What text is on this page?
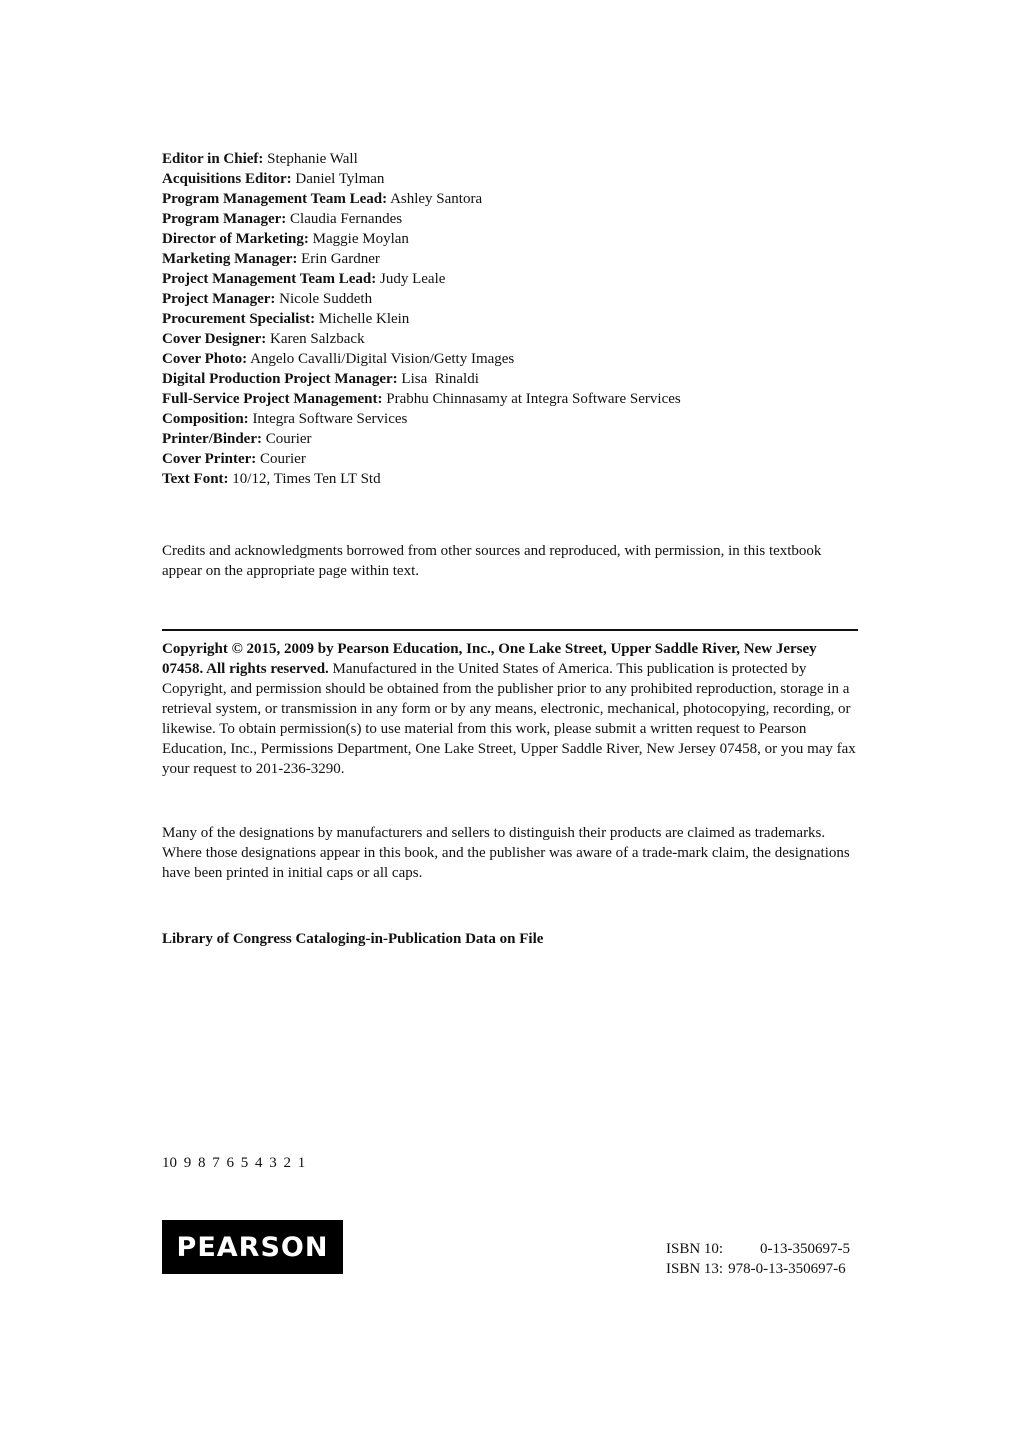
Editor in Chief: Stephanie Wall
Acquisitions Editor: Daniel Tylman
Program Management Team Lead: Ashley Santora
Program Manager: Claudia Fernandes
Director of Marketing: Maggie Moylan
Marketing Manager: Erin Gardner
Project Management Team Lead: Judy Leale
Project Manager: Nicole Suddeth
Procurement Specialist: Michelle Klein
Cover Designer: Karen Salzback
Cover Photo: Angelo Cavalli/Digital Vision/Getty Images
Digital Production Project Manager: Lisa  Rinaldi
Full-Service Project Management: Prabhu Chinnasamy at Integra Software Services
Composition: Integra Software Services
Printer/Binder: Courier
Cover Printer: Courier
Text Font: 10/12, Times Ten LT Std

Credits and acknowledgments borrowed from other sources and reproduced, with permission, in this textbook appear on the appropriate page within text.

Copyright © 2015, 2009 by Pearson Education, Inc., One Lake Street, Upper Saddle River, New Jersey 07458. All rights reserved. Manufactured in the United States of America. This publication is protected by Copyright, and permission should be obtained from the publisher prior to any prohibited reproduction, storage in a retrieval system, or transmission in any form or by any means, electronic, mechanical, photocopying, recording, or likewise. To obtain permission(s) to use material from this work, please submit a written request to Pearson Education, Inc., Permissions Department, One Lake Street, Upper Saddle River, New Jersey 07458, or you may fax your request to 201-236-3290.

Many of the designations by manufacturers and sellers to distinguish their products are claimed as trademarks. Where those designations appear in this book, and the publisher was aware of a trade-mark claim, the designations have been printed in initial caps or all caps.

Library of Congress Cataloging-in-Publication Data on File

10 9 8 7 6 5 4 3 2 1
PEARSON	ISBN 10:	0-13-350697-5
ISBN 13: 978-0-13-350697-6
